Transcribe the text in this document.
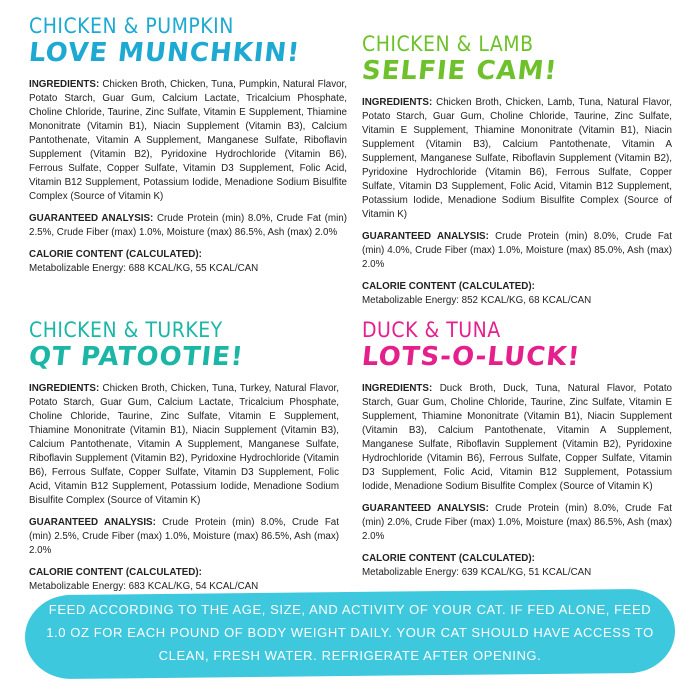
CHICKEN & PUMPKIN
LOVE MUNCHKIN!

INGREDIENTS: Chicken Broth, Chicken, Tuna, Pumpkin, Natural Flavor, Potato Starch, Guar Gum, Calcium Lactate, Tricalcium Phosphate, Choline Chloride, Taurine, Zinc Sulfate, Vitamin E Supplement, Thiamine Mononitrate (Vitamin B1), Niacin Supplement (Vitamin B3), Calcium Pantothenate, Vitamin A Supplement, Manganese Sulfate, Riboflavin Supplement (Vitamin B2), Pyridoxine Hydrochloride (Vitamin B6), Ferrous Sulfate, Copper Sulfate, Vitamin D3 Supplement, Folic Acid, Vitamin B12 Supplement, Potassium Iodide, Menadione Sodium Bisulfite Complex (Source of Vitamin K)

GUARANTEED ANALYSIS: Crude Protein (min) 8.0%, Crude Fat (min) 2.5%, Crude Fiber (max) 1.0%, Moisture (max) 86.5%, Ash (max) 2.0%

CALORIE CONTENT (CALCULATED):
Metabolizable Energy: 688 KCAL/KG, 55 KCAL/CAN

CHICKEN & LAMB
SELFIE CAM!

INGREDIENTS: Chicken Broth, Chicken, Lamb, Tuna, Natural Flavor, Potato Starch, Guar Gum, Choline Chloride, Taurine, Zinc Sulfate, Vitamin E Supplement, Thiamine Mononitrate (Vitamin B1), Niacin Supplement (Vitamin B3), Calcium Pantothenate, Vitamin A Supplement, Manganese Sulfate, Riboflavin Supplement (Vitamin B2), Pyridoxine Hydrochloride (Vitamin B6), Ferrous Sulfate, Copper Sulfate, Vitamin D3 Supplement, Folic Acid, Vitamin B12 Supplement, Potassium Iodide, Menadione Sodium Bisulfite Complex (Source of Vitamin K)

GUARANTEED ANALYSIS: Crude Protein (min) 8.0%, Crude Fat (min) 4.0%, Crude Fiber (max) 1.0%, Moisture (max) 85.0%, Ash (max) 2.0%

CALORIE CONTENT (CALCULATED):
Metabolizable Energy: 852 KCAL/KG, 68 KCAL/CAN

CHICKEN & TURKEY
QT PATOOTIE!

INGREDIENTS: Chicken Broth, Chicken, Tuna, Turkey, Natural Flavor, Potato Starch, Guar Gum, Calcium Lactate, Tricalcium Phosphate, Choline Chloride, Taurine, Zinc Sulfate, Vitamin E Supplement, Thiamine Mononitrate (Vitamin B1), Niacin Supplement (Vitamin B3), Calcium Pantothenate, Vitamin A Supplement, Manganese Sulfate, Riboflavin Supplement (Vitamin B2), Pyridoxine Hydrochloride (Vitamin B6), Ferrous Sulfate, Copper Sulfate, Vitamin D3 Supplement, Folic Acid, Vitamin B12 Supplement, Potassium Iodide, Menadione Sodium Bisulfite Complex (Source of Vitamin K)

GUARANTEED ANALYSIS: Crude Protein (min) 8.0%, Crude Fat (min) 2.5%, Crude Fiber (max) 1.0%, Moisture (max) 86.5%, Ash (max) 2.0%

CALORIE CONTENT (CALCULATED):
Metabolizable Energy: 683 KCAL/KG, 54 KCAL/CAN

DUCK & TUNA
LOTS-O-LUCK!

INGREDIENTS: Duck Broth, Duck, Tuna, Natural Flavor, Potato Starch, Guar Gum, Choline Chloride, Taurine, Zinc Sulfate, Vitamin E Supplement, Thiamine Mononitrate (Vitamin B1), Niacin Supplement (Vitamin B3), Calcium Pantothenate, Vitamin A Supplement, Manganese Sulfate, Riboflavin Supplement (Vitamin B2), Pyridoxine Hydrochloride (Vitamin B6), Ferrous Sulfate, Copper Sulfate, Vitamin D3 Supplement, Folic Acid, Vitamin B12 Supplement, Potassium Iodide, Menadione Sodium Bisulfite Complex (Source of Vitamin K)

GUARANTEED ANALYSIS: Crude Protein (min) 8.0%, Crude Fat (min) 2.0%, Crude Fiber (max) 1.0%, Moisture (max) 86.5%, Ash (max) 2.0%

CALORIE CONTENT (CALCULATED):
Metabolizable Energy: 639 KCAL/KG, 51 KCAL/CAN

FEED ACCORDING TO THE AGE, SIZE, AND ACTIVITY OF YOUR CAT. IF FED ALONE, FEED 1.0 OZ FOR EACH POUND OF BODY WEIGHT DAILY. YOUR CAT SHOULD HAVE ACCESS TO CLEAN, FRESH WATER. REFRIGERATE AFTER OPENING.
